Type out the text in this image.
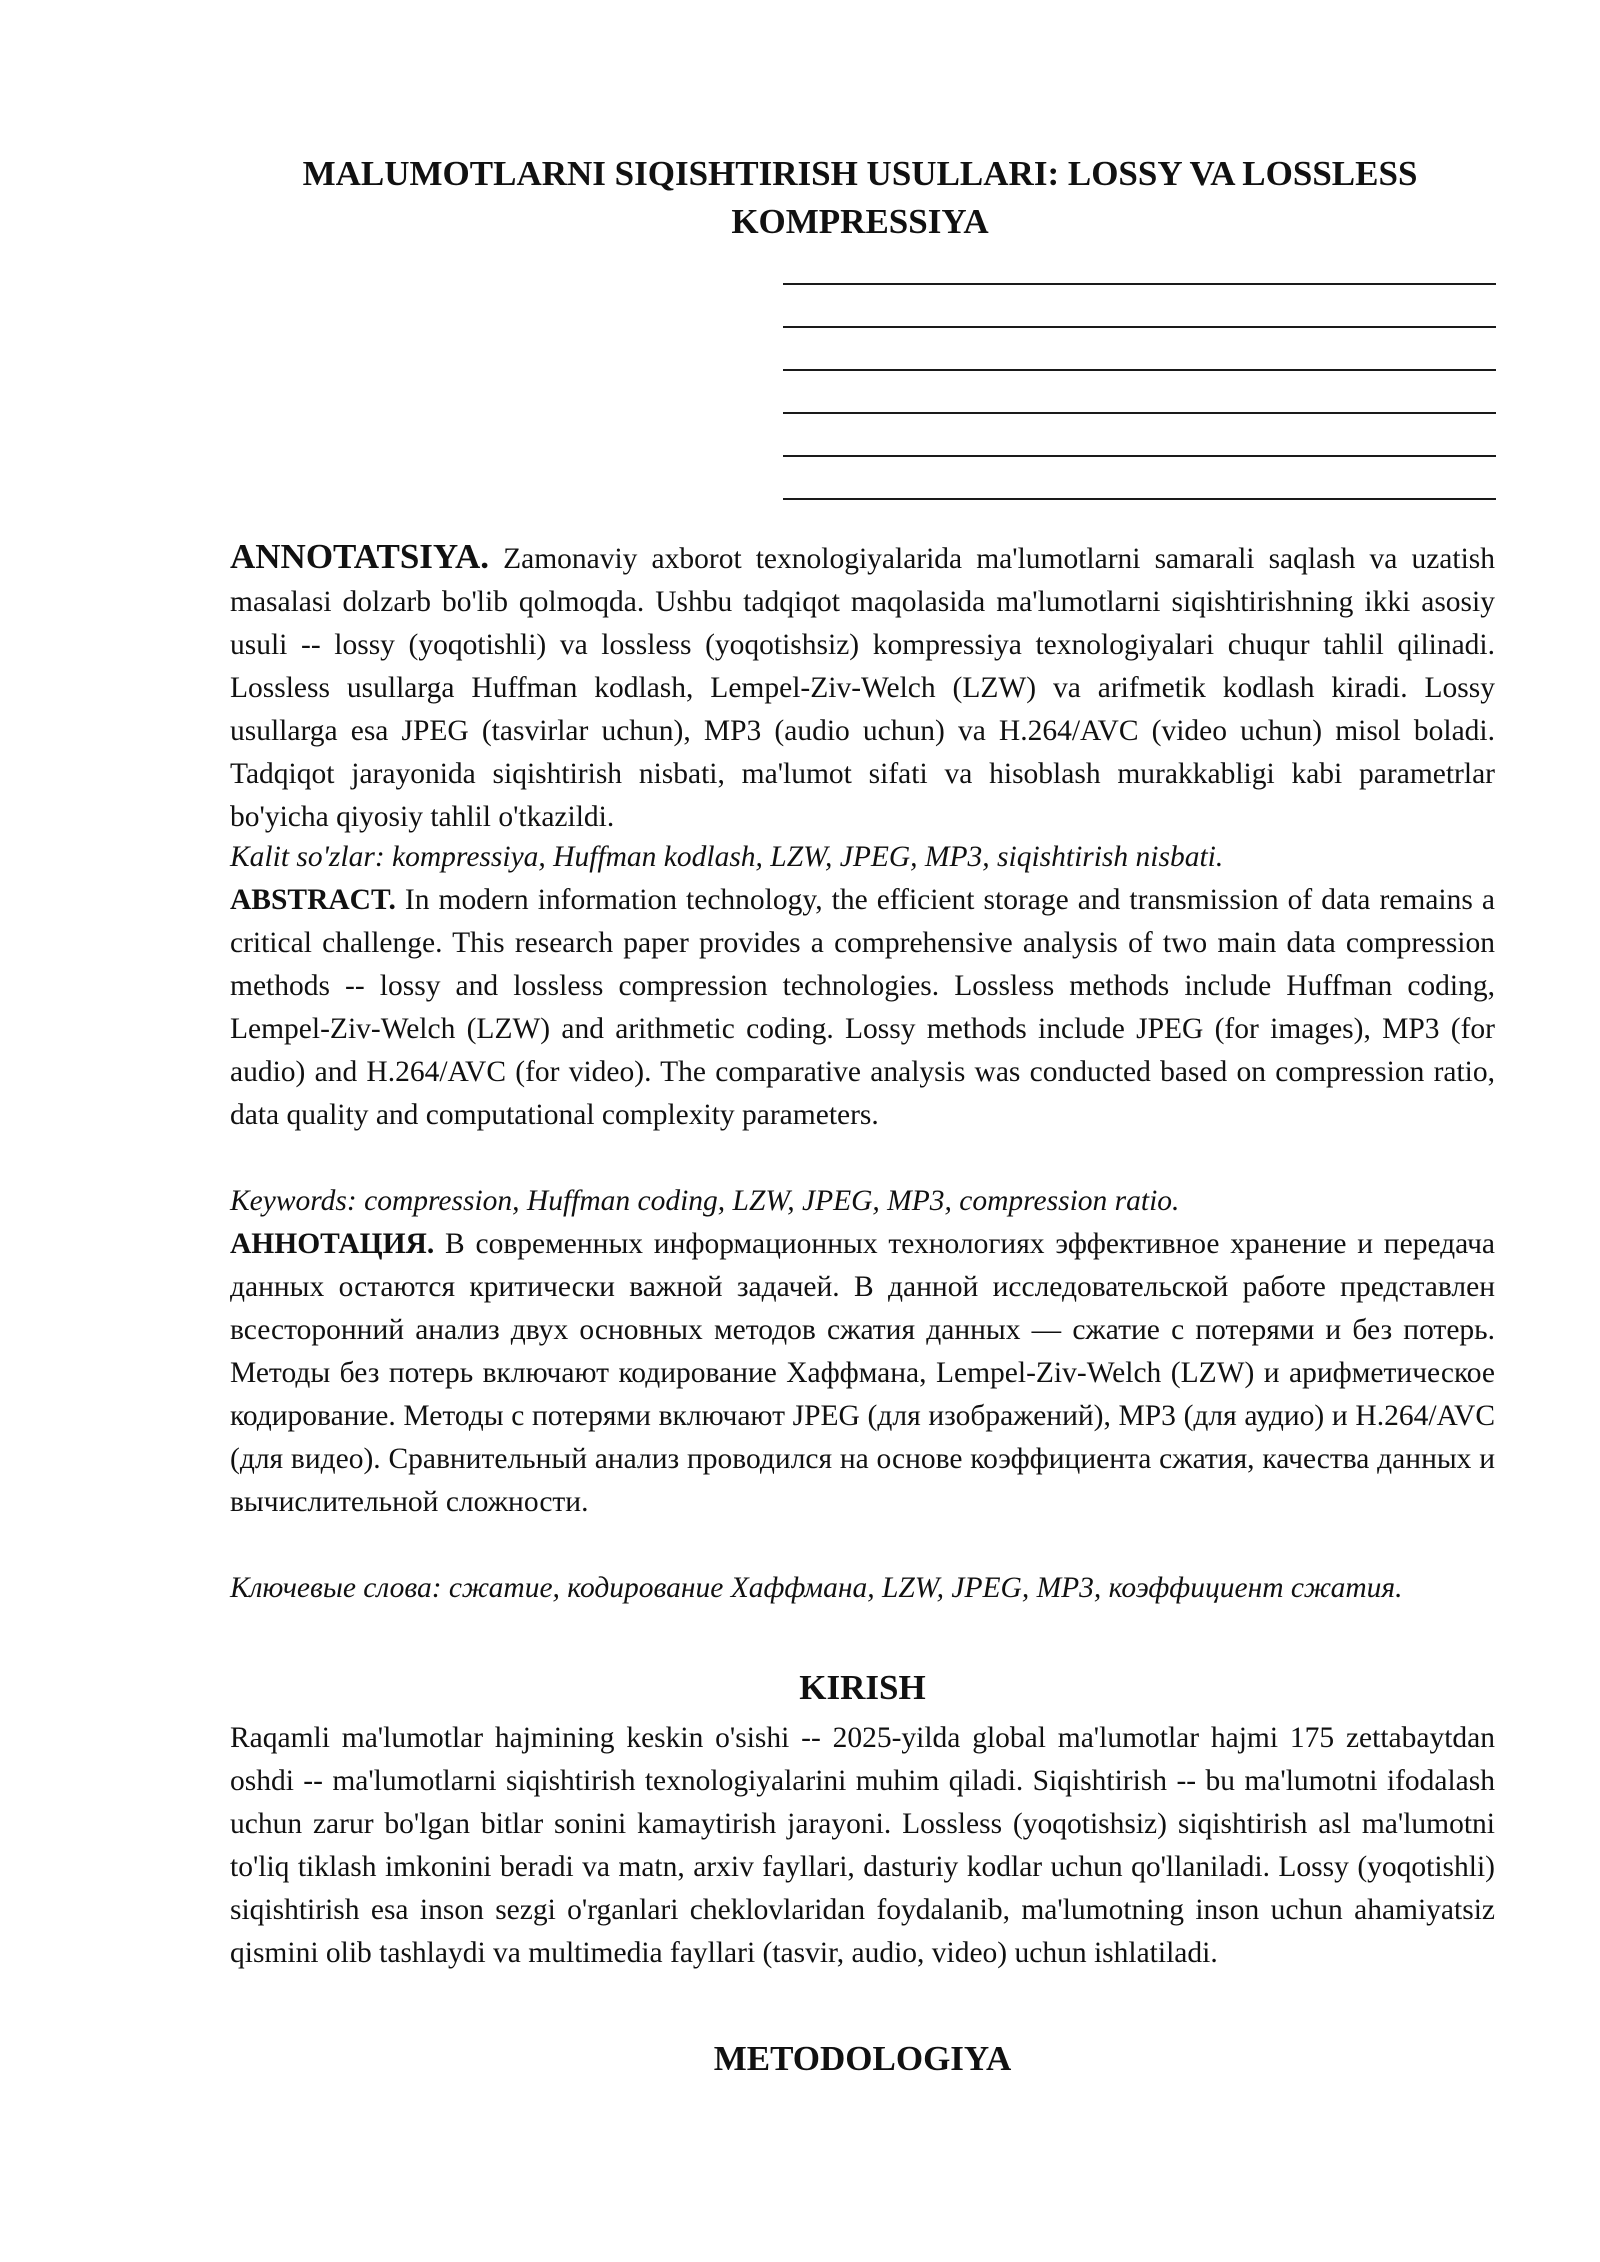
MALUMOTLARNI SIQISHTIRISH USULLARI: LOSSY VA LOSSLESS KOMPRESSIYA

ANNOTATSIYA. Zamonaviy axborot texnologiyalarida ma'lumotlarni samarali saqlash va uzatish masalasi dolzarb bo'lib qolmoqda. Ushbu tadqiqot maqolasida ma'lumotlarni siqishtirishning ikki asosiy usuli -- lossy (yoqotishli) va lossless (yoqotishsiz) kompressiya texnologiyalari chuqur tahlil qilinadi. Lossless usullarga Huffman kodlash, Lempel-Ziv-Welch (LZW) va arifmetik kodlash kiradi. Lossy usullarga esa JPEG (tasvirlar uchun), MP3 (audio uchun) va H.264/AVC (video uchun) misol boladi. Tadqiqot jarayonida siqishtirish nisbati, ma'lumot sifati va hisoblash murakkabligi kabi parametrlar bo'yicha qiyosiy tahlil o'tkazildi.

Kalit so'zlar: kompressiya, Huffman kodlash, LZW, JPEG, MP3, siqishtirish nisbati.

ABSTRACT. In modern information technology, the efficient storage and transmission of data remains a critical challenge. This research paper provides a comprehensive analysis of two main data compression methods -- lossy and lossless compression technologies. Lossless methods include Huffman coding, Lempel-Ziv-Welch (LZW) and arithmetic coding. Lossy methods include JPEG (for images), MP3 (for audio) and H.264/AVC (for video). The comparative analysis was conducted based on compression ratio, data quality and computational complexity parameters.

Keywords: compression, Huffman coding, LZW, JPEG, MP3, compression ratio.

АННОТАЦИЯ. В современных информационных технологиях эффективное хранение и передача данных остаются критически важной задачей. В данной исследовательской работе представлен всесторонний анализ двух основных методов сжатия данных — сжатие с потерями и без потерь. Методы без потерь включают кодирование Хаффмана, Lempel-Ziv-Welch (LZW) и арифметическое кодирование. Методы с потерями включают JPEG (для изображений), MP3 (для аудио) и H.264/AVC (для видео). Сравнительный анализ проводился на основе коэффициента сжатия, качества данных и вычислительной сложности.

Ключевые слова: сжатие, кодирование Хаффмана, LZW, JPEG, MP3, коэффициент сжатия.

KIRISH

Raqamli ma'lumotlar hajmining keskin o'sishi -- 2025-yilda global ma'lumotlar hajmi 175 zettabaytdan oshdi -- ma'lumotlarni siqishtirish texnologiyalarini muhim qiladi. Siqishtirish -- bu ma'lumotni ifodalash uchun zarur bo'lgan bitlar sonini kamaytirish jarayoni. Lossless (yoqotishsiz) siqishtirish asl ma'lumotni to'liq tiklash imkonini beradi va matn, arxiv fayllari, dasturiy kodlar uchun qo'llaniladi. Lossy (yoqotishli) siqishtirish esa inson sezgi o'rganlari cheklovlaridan foydalanib, ma'lumotning inson uchun ahamiyatsiz qismini olib tashlaydi va multimedia fayllari (tasvir, audio, video) uchun ishlatiladi.

METODOLOGIYA
